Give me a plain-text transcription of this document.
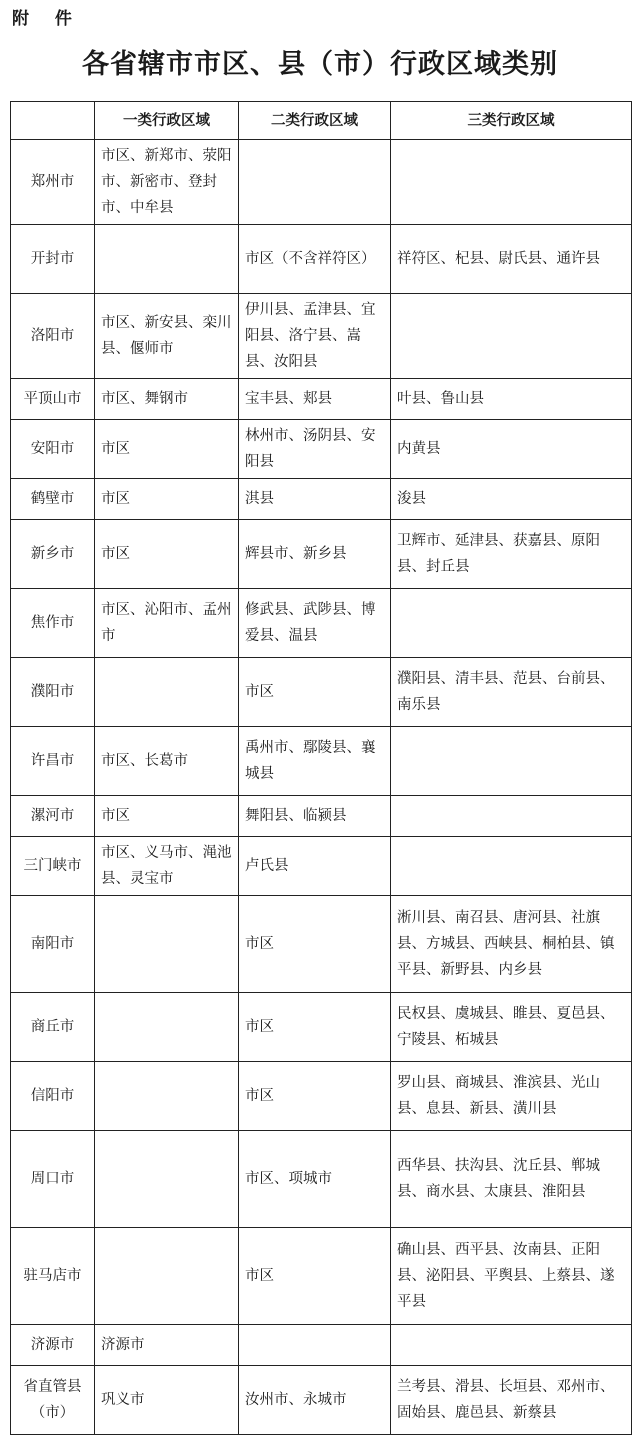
附 件
各省辖市市区、县（市）行政区域类别
	一类行政区域	二类行政区域	三类行政区域
郑州市	市区、新郑市、荥阳市、新密市、登封市、中牟县		
开封市		市区（不含祥符区）	祥符区、杞县、尉氏县、通许县
洛阳市	市区、新安县、栾川县、偃师市	伊川县、孟津县、宜阳县、洛宁县、嵩县、汝阳县	
平顶山市	市区、舞钢市	宝丰县、郏县	叶县、鲁山县
安阳市	市区	林州市、汤阴县、安阳县	内黄县
鹤壁市	市区	淇县	浚县
新乡市	市区	辉县市、新乡县	卫辉市、延津县、获嘉县、原阳县、封丘县
焦作市	市区、沁阳市、孟州市	修武县、武陟县、博爱县、温县	
濮阳市		市区	濮阳县、清丰县、范县、台前县、南乐县
许昌市	市区、长葛市	禹州市、鄢陵县、襄城县	
漯河市	市区	舞阳县、临颍县	
三门峡市	市区、义马市、渑池县、灵宝市	卢氏县	
南阳市		市区	淅川县、南召县、唐河县、社旗县、方城县、西峡县、桐柏县、镇平县、新野县、内乡县
商丘市		市区	民权县、虞城县、睢县、夏邑县、宁陵县、柘城县
信阳市		市区	罗山县、商城县、淮滨县、光山县、息县、新县、潢川县
周口市		市区、项城市	西华县、扶沟县、沈丘县、郸城县、商水县、太康县、淮阳县
驻马店市		市区	确山县、西平县、汝南县、正阳县、泌阳县、平舆县、上蔡县、遂平县
济源市	济源市		
省直管县（市）	巩义市	汝州市、永城市	兰考县、滑县、长垣县、邓州市、固始县、鹿邑县、新蔡县
